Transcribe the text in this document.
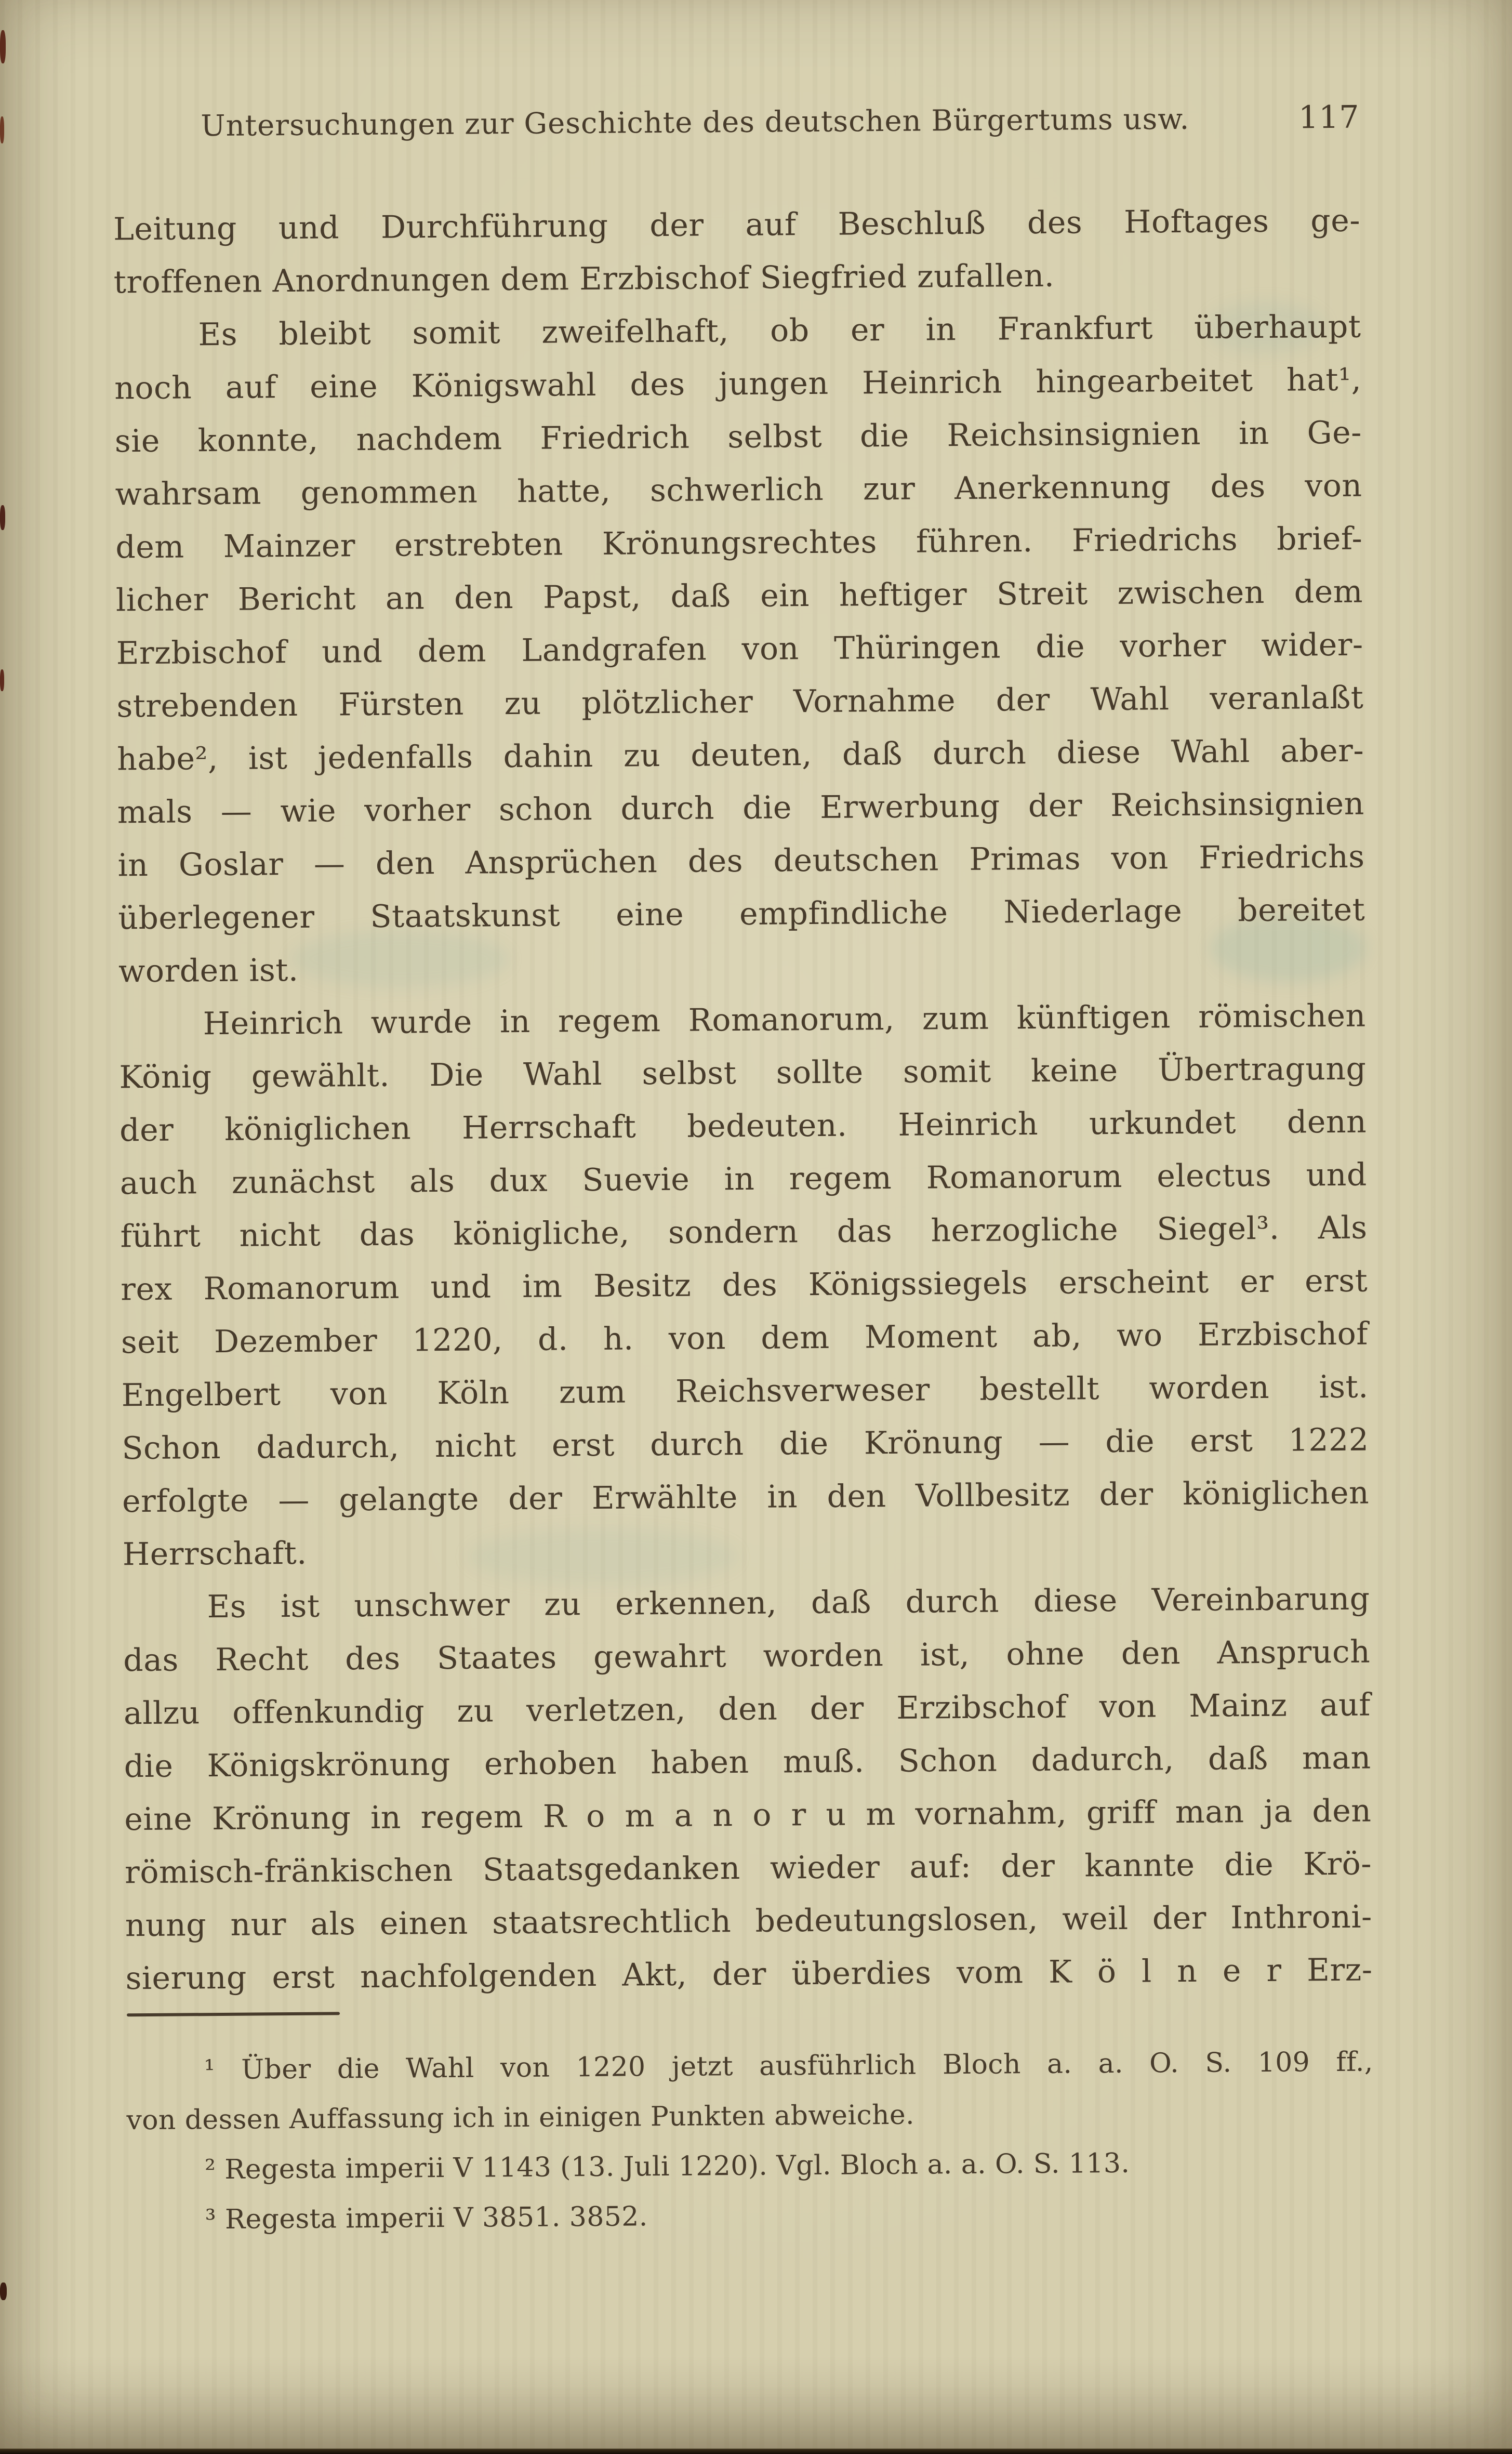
Untersuchungen zur Geschichte des deutschen Bürgertums usw.	117
Leitung und Durchführung der auf Beschluß des Hoftages ge-
troffenen Anordnungen dem Erzbischof Siegfried zufallen.
Es bleibt somit zweifelhaft, ob er in Frankfurt überhaupt
noch auf eine Königswahl des jungen Heinrich hingearbeitet hat¹,
sie konnte, nachdem Friedrich selbst die Reichsinsignien in Ge-
wahrsam genommen hatte, schwerlich zur Anerkennung des von
dem Mainzer erstrebten Krönungsrechtes führen. Friedrichs brief-
licher Bericht an den Papst, daß ein heftiger Streit zwischen dem
Erzbischof und dem Landgrafen von Thüringen die vorher wider-
strebenden Fürsten zu plötzlicher Vornahme der Wahl veranlaßt
habe², ist jedenfalls dahin zu deuten, daß durch diese Wahl aber-
mals — wie vorher schon durch die Erwerbung der Reichsinsignien
in Goslar — den Ansprüchen des deutschen Primas von Friedrichs
überlegener Staatskunst eine empfindliche Niederlage bereitet
worden ist.
Heinrich wurde in regem Romanorum, zum künftigen römischen
König gewählt. Die Wahl selbst sollte somit keine Übertragung
der königlichen Herrschaft bedeuten. Heinrich urkundet denn
auch zunächst als dux Suevie in regem Romanorum electus und
führt nicht das königliche, sondern das herzogliche Siegel³. Als
rex Romanorum und im Besitz des Königssiegels erscheint er erst
seit Dezember 1220, d. h. von dem Moment ab, wo Erzbischof
Engelbert von Köln zum Reichsverweser bestellt worden ist.
Schon dadurch, nicht erst durch die Krönung — die erst 1222
erfolgte — gelangte der Erwählte in den Vollbesitz der königlichen
Herrschaft.
Es ist unschwer zu erkennen, daß durch diese Vereinbarung
das Recht des Staates gewahrt worden ist, ohne den Anspruch
allzu offenkundig zu verletzen, den der Erzibschof von Mainz auf
die Königskrönung erhoben haben muß. Schon dadurch, daß man
eine Krönung in regem R o m a n o r u m vornahm, griff man ja den
römisch-fränkischen Staatsgedanken wieder auf: der kannte die Krö-
nung nur als einen staatsrechtlich bedeutungslosen, weil der Inthroni-
sierung erst nachfolgenden Akt, der überdies vom K ö l n e r Erz-
¹ Über die Wahl von 1220 jetzt ausführlich Bloch a. a. O. S. 109 ff.,
von dessen Auffassung ich in einigen Punkten abweiche.
² Regesta imperii V 1143 (13. Juli 1220). Vgl. Bloch a. a. O. S. 113.
³ Regesta imperii V 3851. 3852.
